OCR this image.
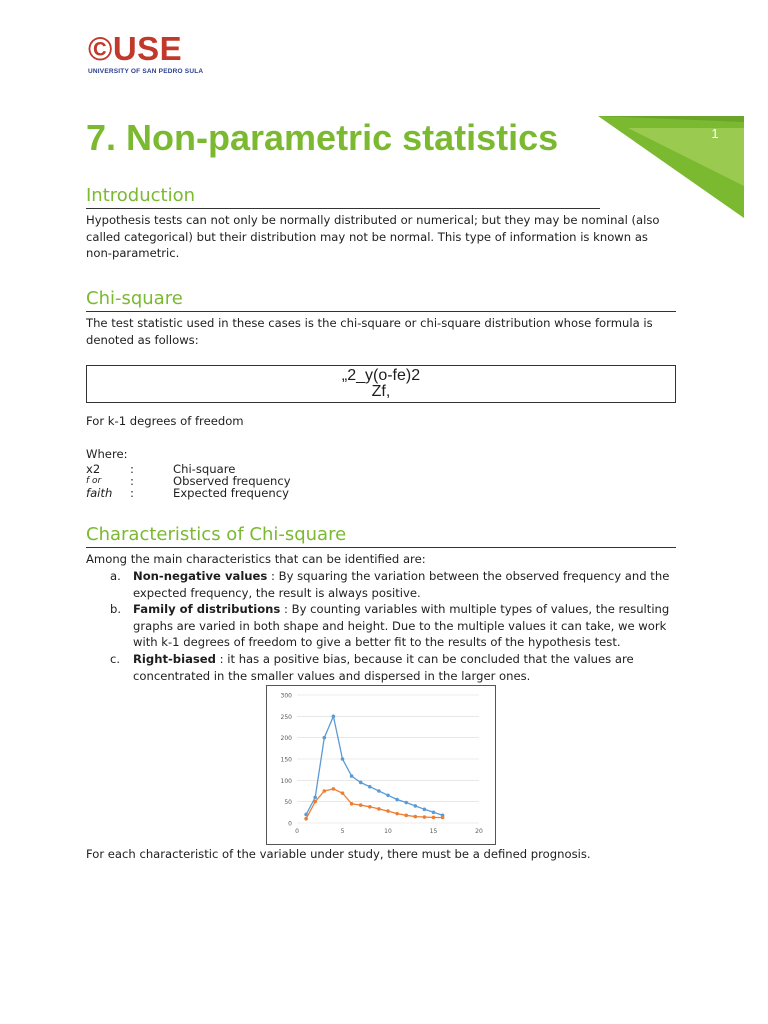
©USE
UNIVERSITY OF SAN PEDRO SULA
1
7. Non-parametric statistics
Introduction

Hypothesis tests can not only be normally distributed or numerical; but they may be nominal (also called categorical) but their distribution may not be normal. This type of information is known as non-parametric.

Chi-square

The test statistic used in these cases is the chi-square or chi-square distribution whose formula is denoted as follows:

„2_y(o-fe)2
Zf,

For k-1 degrees of freedom

Where:

x2	:	Chi-square
f or	:	Observed frequency
faith	:	Expected frequency
Characteristics of Chi-square

Among the main characteristics that can be identified are:

a. Non-negative values : By squaring the variation between the observed frequency and the expected frequency, the result is always positive.
b. Family of distributions : By counting variables with multiple types of values, the resulting graphs are varied in both shape and height. Due to the multiple values it can take, we work with k-1 degrees of freedom to give a better fit to the results of the hypothesis test.
c. Right-biased : it has a positive bias, because it can be concluded that the values are concentrated in the smaller values and dispersed in the larger ones.
0
50
100
150
200
250
300
0	5	10	15	20

For each characteristic of the variable under study, there must be a defined prognosis.
